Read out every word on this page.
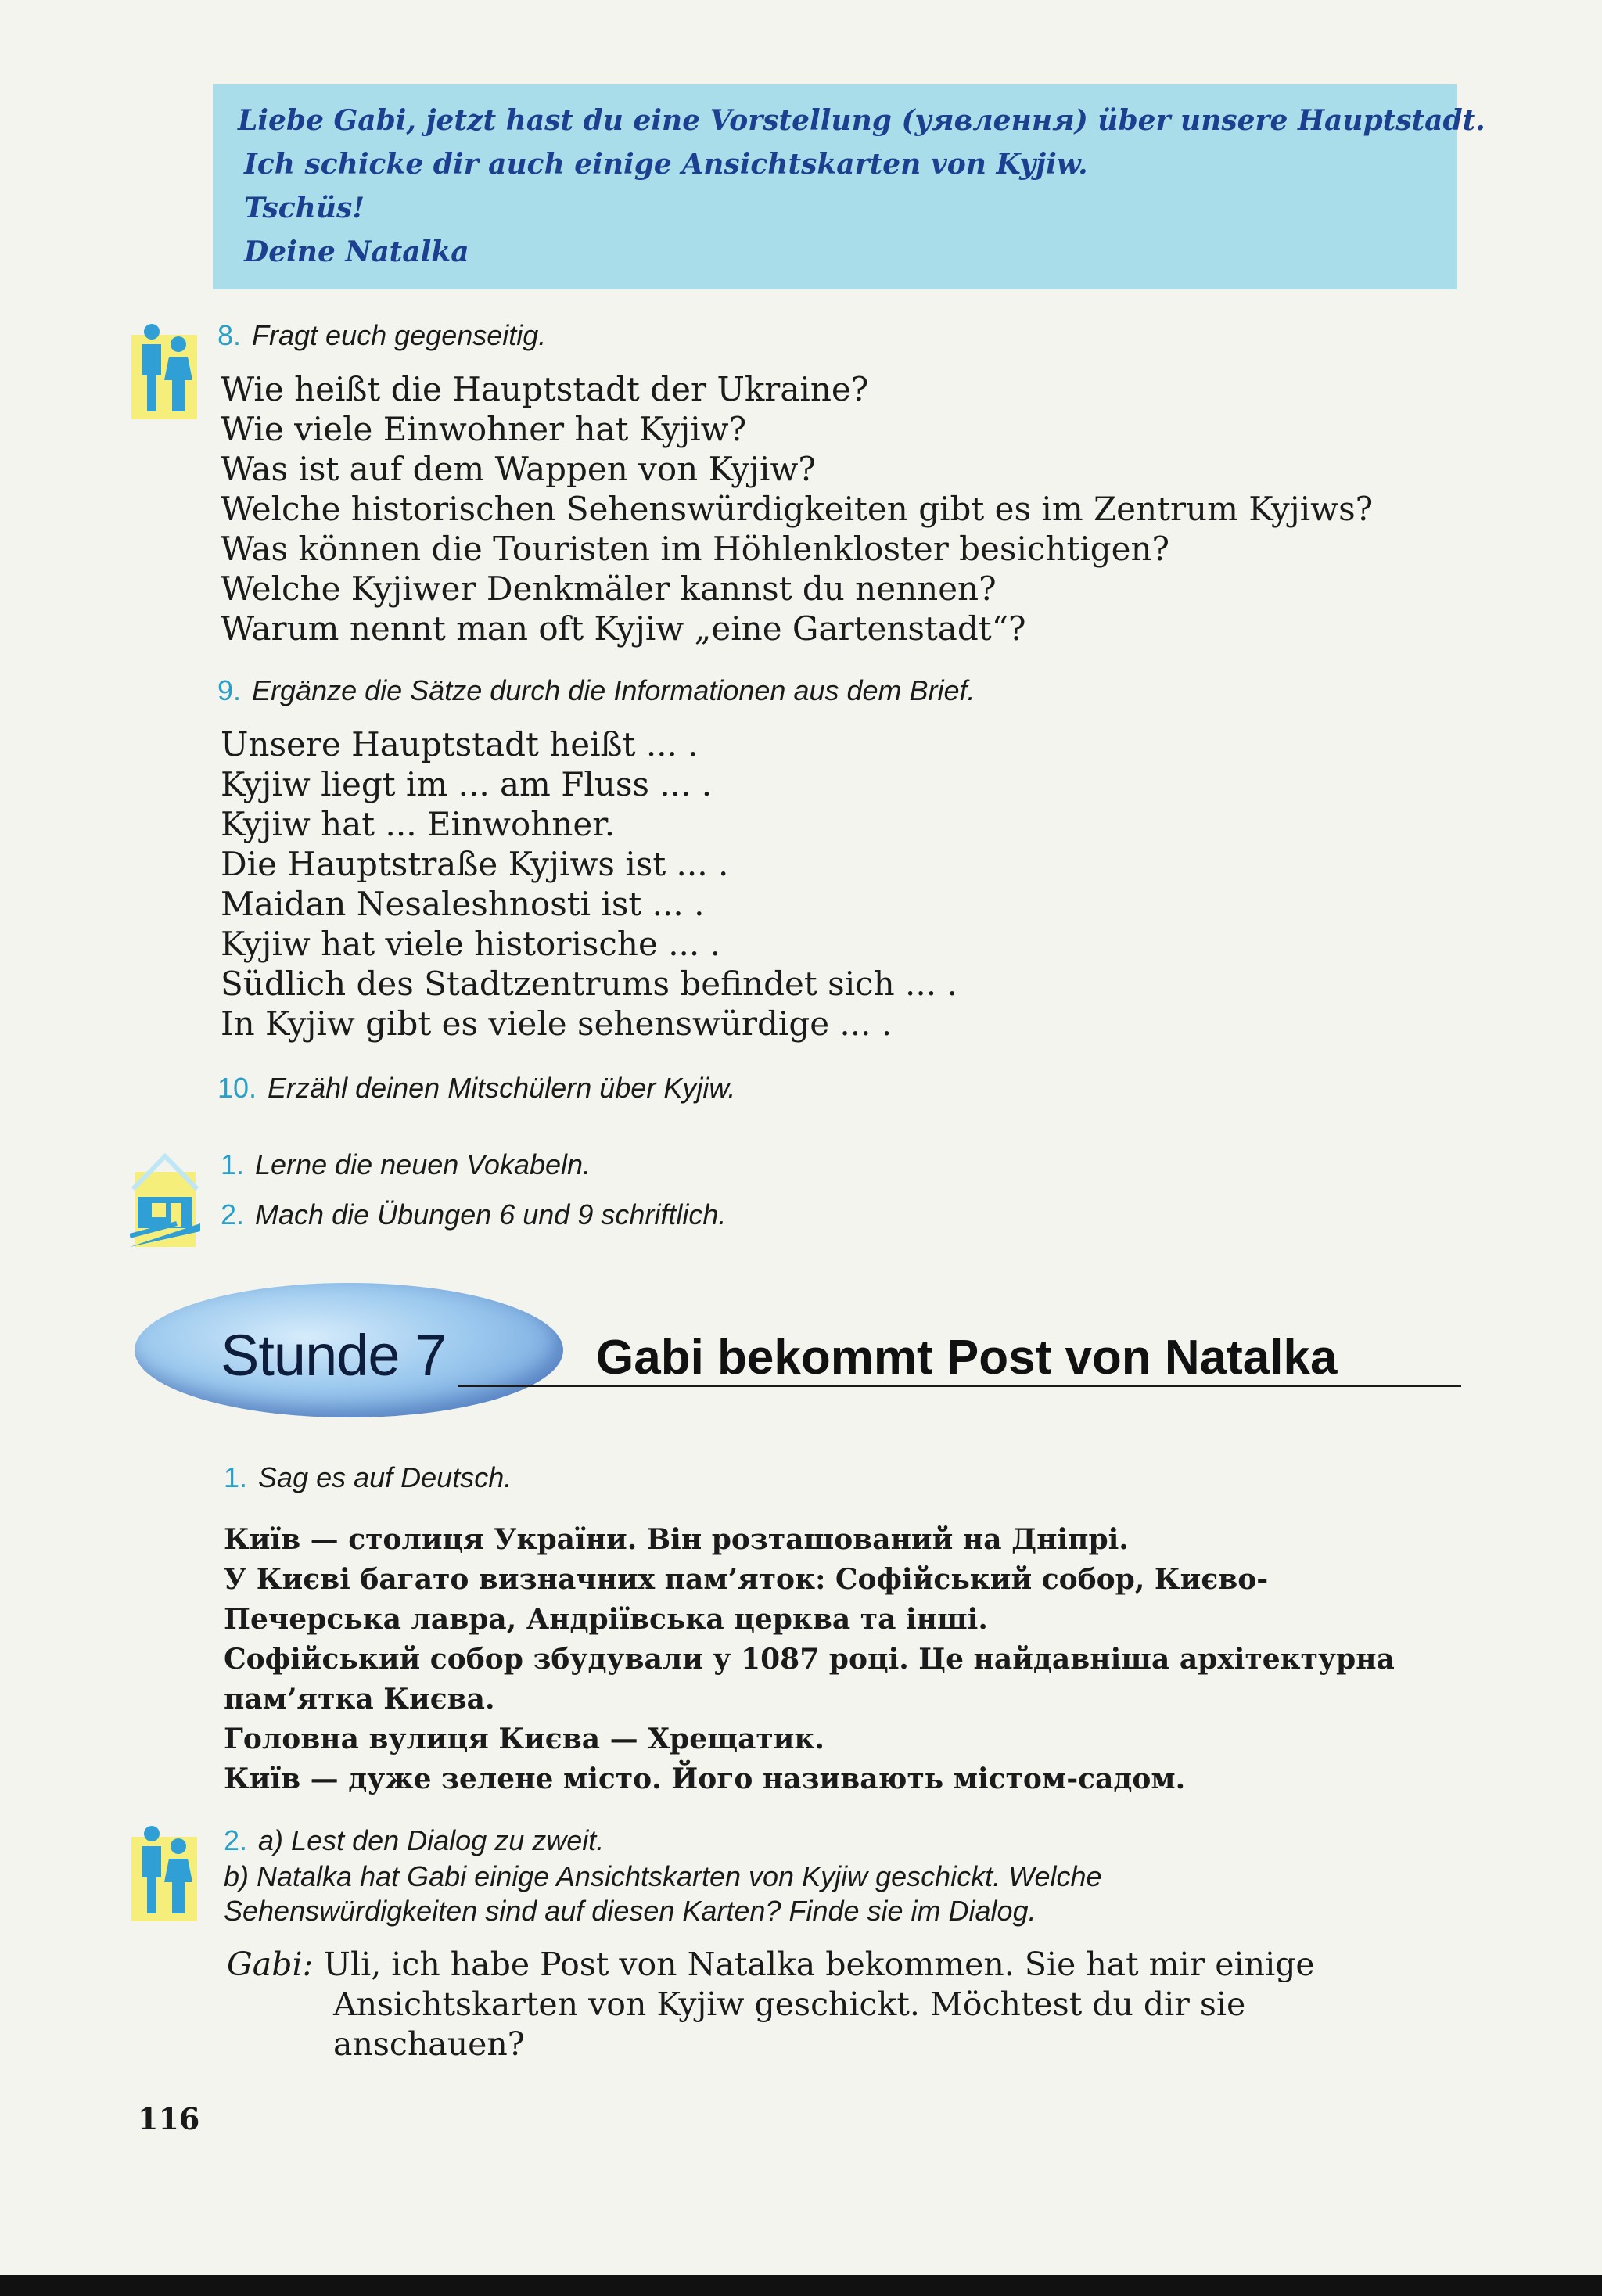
Liebe Gabi, jetzt hast du eine Vorstellung (уявлення) über unsere Hauptstadt.
Ich schicke dir auch einige Ansichtskarten von Kyjiw.
Tschüs!
Deine Natalka
8. Fragt euch gegenseitig.
Wie heißt die Hauptstadt der Ukraine?
Wie viele Einwohner hat Kyjiw?
Was ist auf dem Wappen von Kyjiw?
Welche historischen Sehenswürdigkeiten gibt es im Zentrum Kyjiws?
Was können die Touristen im Höhlenkloster besichtigen?
Welche Kyjiwer Denkmäler kannst du nennen?
Warum nennt man oft Kyjiw „eine Gartenstadt“?
9. Ergänze die Sätze durch die Informationen aus dem Brief.
Unsere Hauptstadt heißt ... .
Kyjiw liegt im ... am Fluss ... .
Kyjiw hat ... Einwohner.
Die Hauptstraße Kyjiws ist ... .
Maidan Nesaleshnosti ist ... .
Kyjiw hat viele historische ... .
Südlich des Stadtzentrums befindet sich ... .
In Kyjiw gibt es viele sehenswürdige ... .
10. Erzähl deinen Mitschülern über Kyjiw.
1. Lerne die neuen Vokabeln.
2. Mach die Übungen 6 und 9 schriftlich.
Stunde 7	Gabi bekommt Post von Natalka
1. Sag es auf Deutsch.
Київ — столиця України. Він розташований на Дніпрі.
У Києві багато визначних пам’яток: Софійський собор, Києво-
Печерська лавра, Андріївська церква та інші.
Софійський собор збудували у 1087 році. Це найдавніша архітектурна
пам’ятка Києва.
Головна вулиця Києва — Хрещатик.
Київ — дуже зелене місто. Його називають містом-садом.
2. a) Lest den Dialog zu zweit.
b) Natalka hat Gabi einige Ansichtskarten von Kyjiw geschickt. Welche
Sehenswürdigkeiten sind auf diesen Karten? Finde sie im Dialog.
Gabi: Uli, ich habe Post von Natalka bekommen. Sie hat mir einige
Ansichtskarten von Kyjiw geschickt. Möchtest du dir sie
anschauen?
116
